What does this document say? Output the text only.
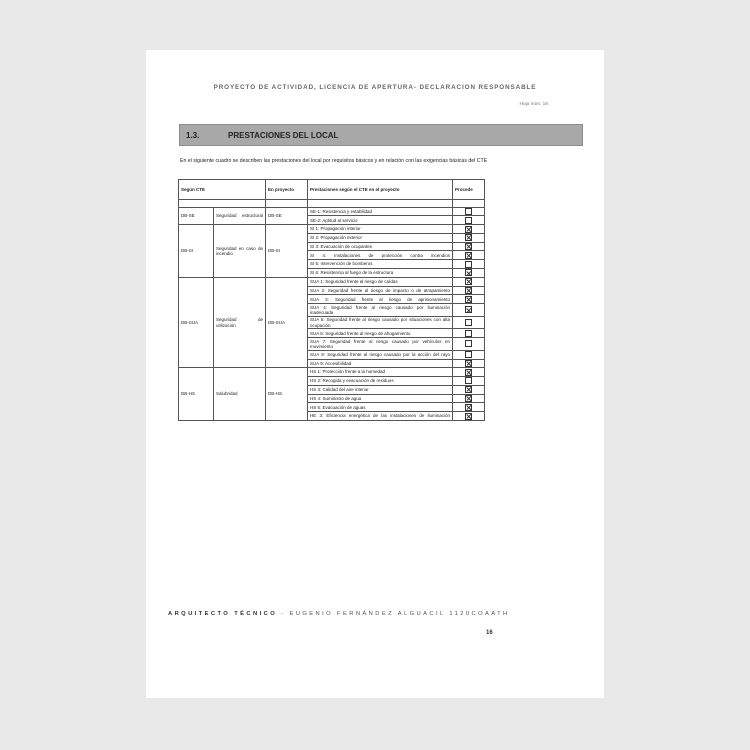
PROYECTO DE ACTIVIDAD, LICENCIA DE APERTURA- DECLARACION RESPONSABLE
Hoja núm. 16
1.3.	PRESTACIONES DEL LOCAL
En el siguiente cuadro se describen las prestaciones del local por requisitos básicos y en relación con las exigencias básicas del CTE
Según CTE		En proyecto	Prestaciones según el CTE en el proyecto	Procede

DB-SE	Seguridad estructural	DB-SE	SE-1: Resistencia y estabilidad	
			SE-2: Aptitud al servicio	
DB-SI	Seguridad en caso de incendio	DB-SI	SI 1: Propagación interior	
			SI 2: Propagación exterior	
			SI 3: Evacuación de ocupantes	
			SI 4: Instalaciones de protección contra incendios	
			SI 5: Intervención de bomberos	
			SI 6: Resistencia al fuego de la estructura	
DB-SUA	Seguridad de utilización	DB-SUA	SUA 1: Seguridad frente al riesgo de caídas	
			SUA 2: Seguridad frente al riesgo de impacto o de atrapamiento	
			SUA 3: Seguridad frente al riesgo de aprisionamiento	
			SUA 4: Seguridad frente al riesgo causado por iluminación inadecuada	
			SUA 5: Seguridad frente al riesgo causado por situaciones con alta ocupación	
			SUA 6: Seguridad frente al riesgo de ahogamiento	
			SUA 7: Seguridad frente al riesgo causado por vehículos en movimiento	
			SUA 8: Seguridad frente al riesgo causado por la acción del rayo	
			SUA 9: Accesibilidad	
DB-HS	Salubridad	DB-HS	HS 1: Protección frente a la humedad	
			HS 2: Recogida y evacuación de residuos	
			HS 3: Calidad del aire interior	
			HS 4: Suministro de agua	
			HS 5: Evacuación de aguas	
			HE 3: Eficiencia energética de las instalaciones de iluminación	
ARQUITECTO TÉCNICO - EUGENIO FERNÁNDEZ ALGUACIL 1120COAATH
16
